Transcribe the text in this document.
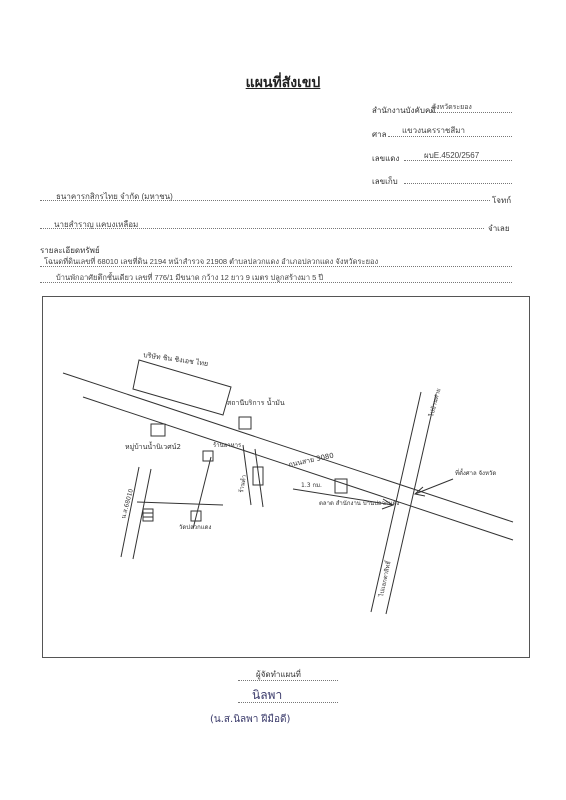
แผนที่สังเขป
สำนักงานบังคับคดี
จังหวัดระยอง
ศาล แขวงนครราชสีมา
เลขแดง	ผบE.4520/2567
เลขเก็บ
ธนาคารกสิกรไทย จำกัด (มหาชน)	โจทก์
นายสำราญ แคบงเหลือม	จำเลย
รายละเอียดทรัพย์
โฉนดที่ดินเลขที่ 68010 เลขที่ดิน 2194 หน้าสำรวจ 21908 ตำบลปลวกแดง อำเภอปลวกแดง จังหวัดระยอง
บ้านพักอาศัยตึกชั้นเดียว เลขที่ 776/1 มีขนาด กว้าง 12 ยาว 9 เมตร ปลูกสร้างมา 5 ปี
บริษัท ชิน ชิงเอช ไทย
สถานีบริการ น้ำมัน
หมู่บ้านน้ำนิเวศน์2	ร้านอาหาร
ร้านค้า
ถนนสาย 3080
1.3 กม.
ตลาด สำนักงาน บ้านปลวกแดง
น.ส.68010
วัดปลวกแดง
ไปบ้านค่าย
ไปแยกตาสิทธิ์
ที่ตั้งศาล จังหวัด
ผู้จัดทำแผนที่
นิลพา
(น.ส.นิลพา ฝีมือดี)
